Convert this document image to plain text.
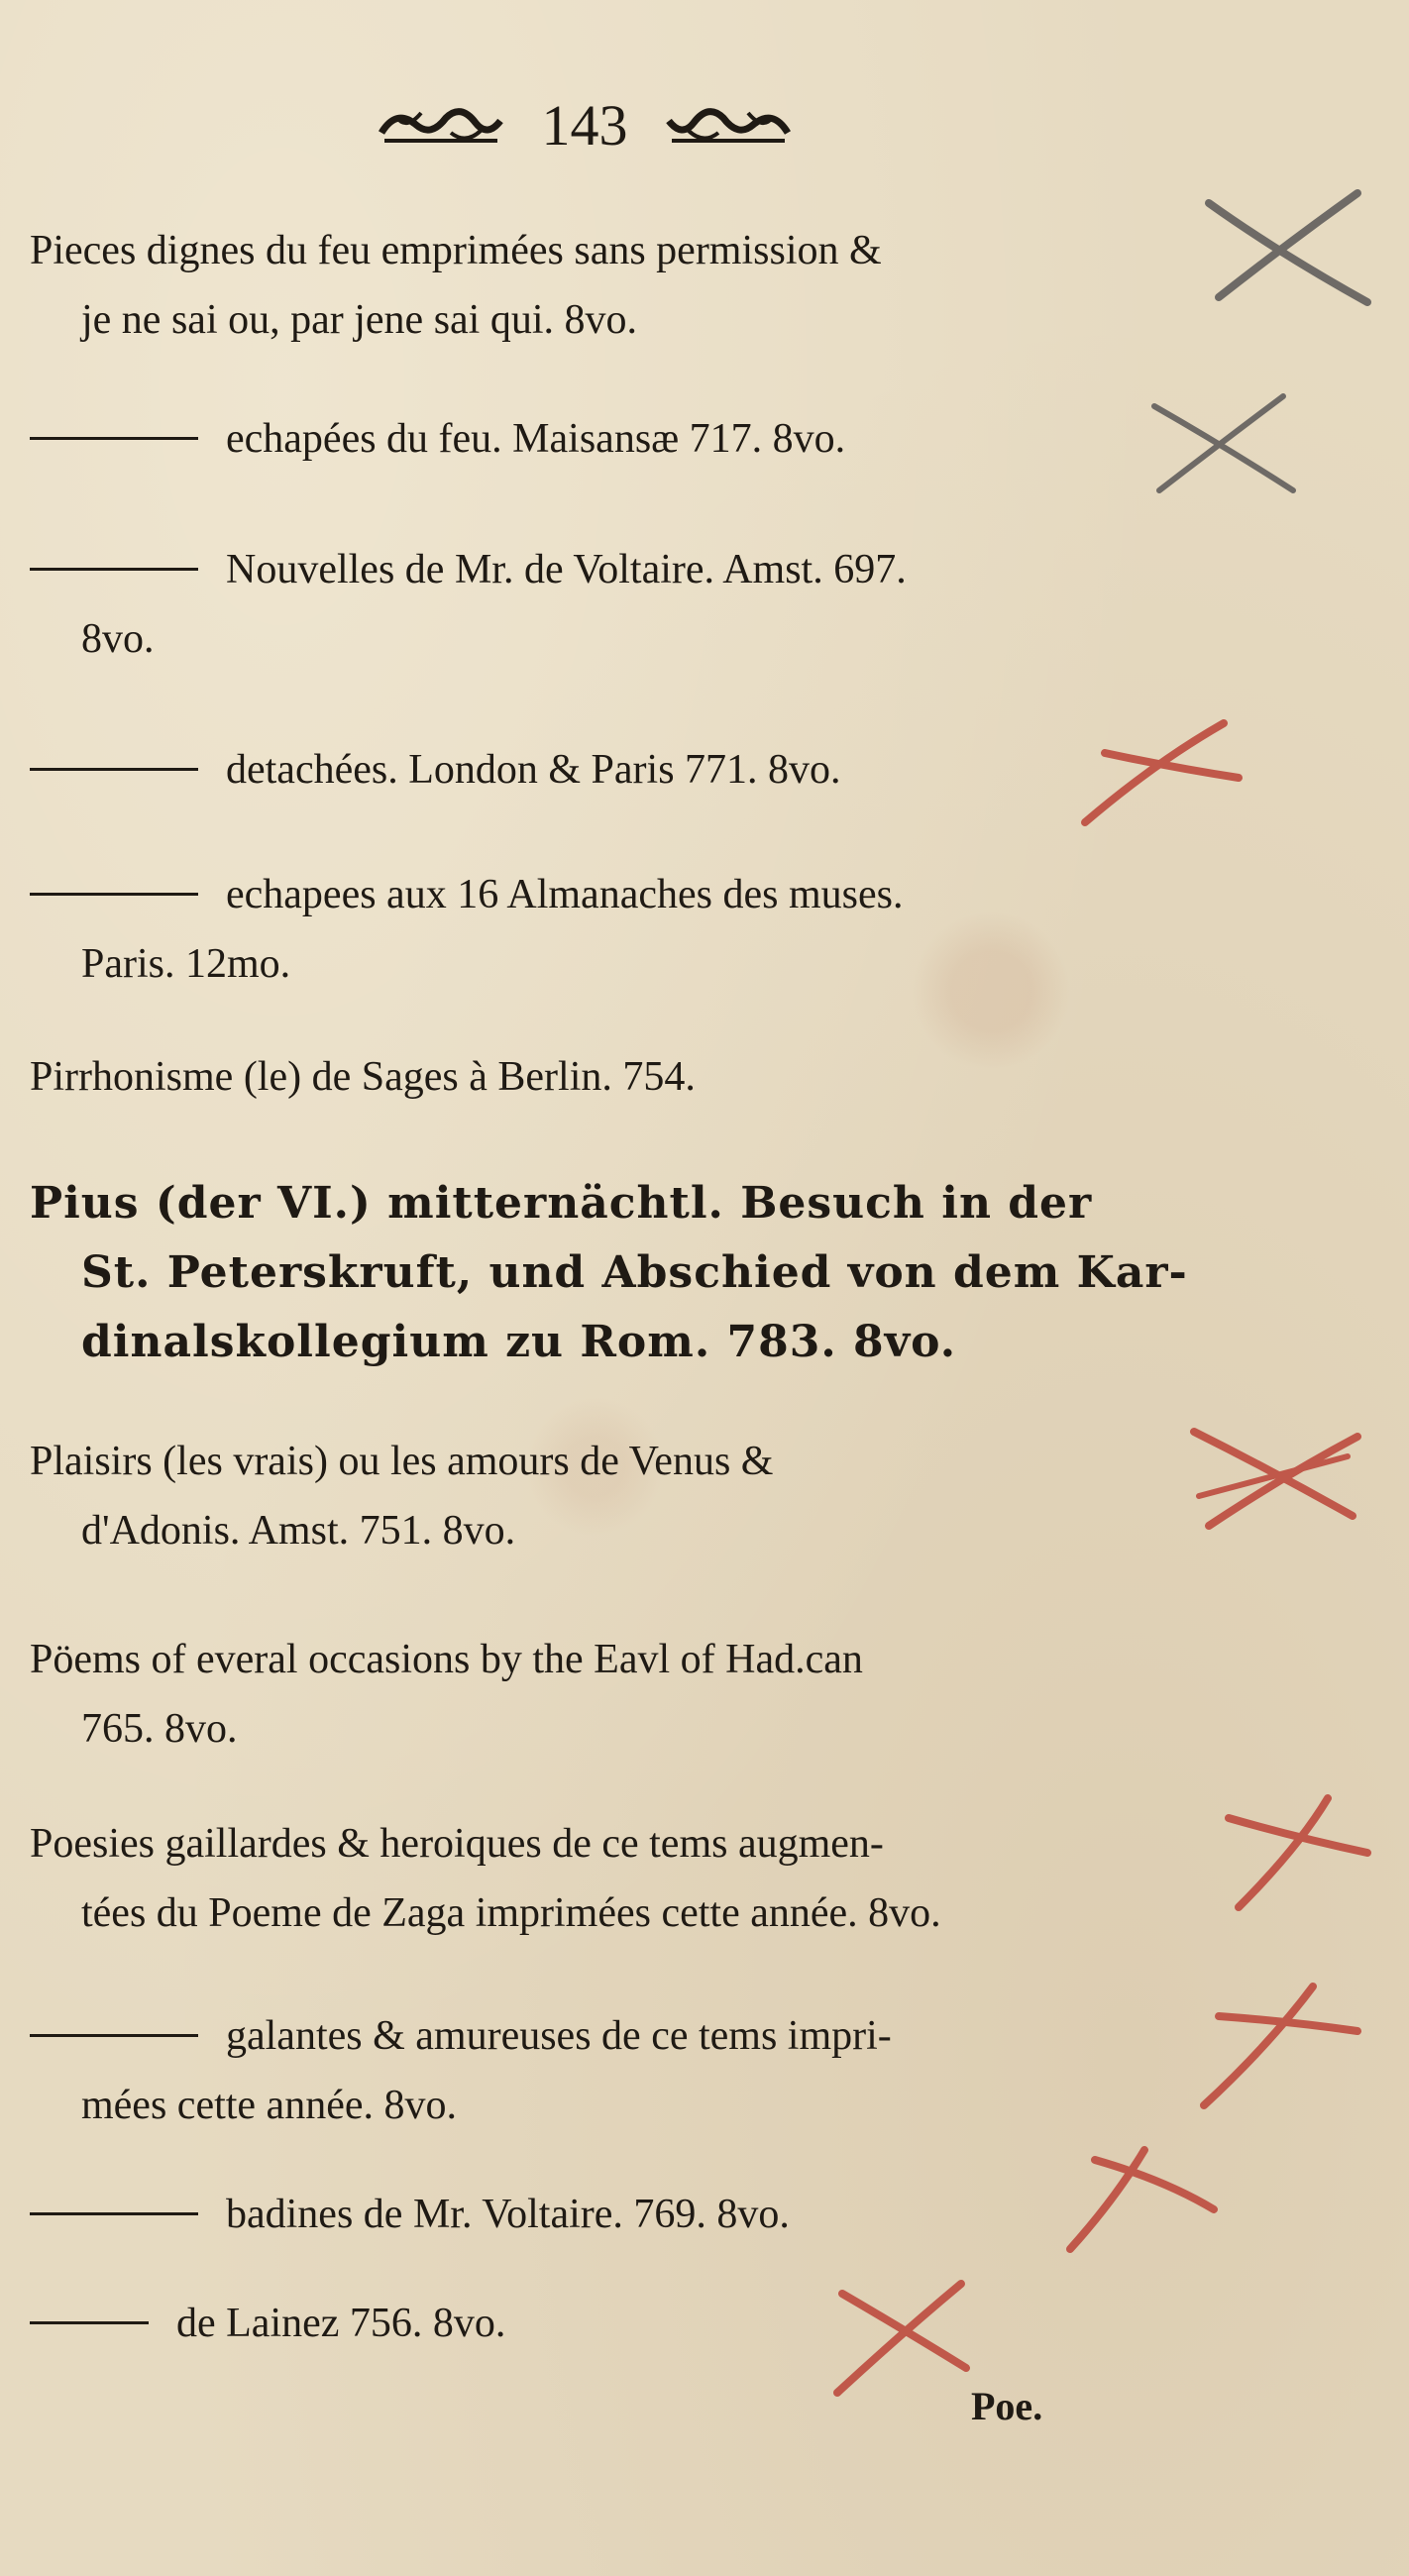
143
Pieces dignes du feu emprimées sans permission &
je ne sai ou, par jene sai qui. 8vo.
echapées du feu. Maisansæ 717. 8vo.
Nouvelles de Mr. de Voltaire. Amst. 697.
8vo.
detachées. London & Paris 771. 8vo.
echapees aux 16 Almanaches des muses.
Paris. 12mo.
Pirrhonisme (le) de Sages à Berlin. 754.
Pius (der VI.) mitternächtl. Besuch in der
St. Peterskruft, und Abschied von dem Kar-
dinalskollegium zu Rom. 783. 8vo.
Plaisirs (les vrais) ou les amours de Venus &
d'Adonis. Amst. 751. 8vo.
Pöems of everal occasions by the Eavl of Had.can
765. 8vo.
Poesies gaillardes & heroiques de ce tems augmen-
tées du Poeme de Zaga imprimées cette année. 8vo.
galantes & amureuses de ce tems impri-
mées cette année. 8vo.
badines de Mr. Voltaire. 769. 8vo.
de Lainez 756. 8vo.
Poe.
